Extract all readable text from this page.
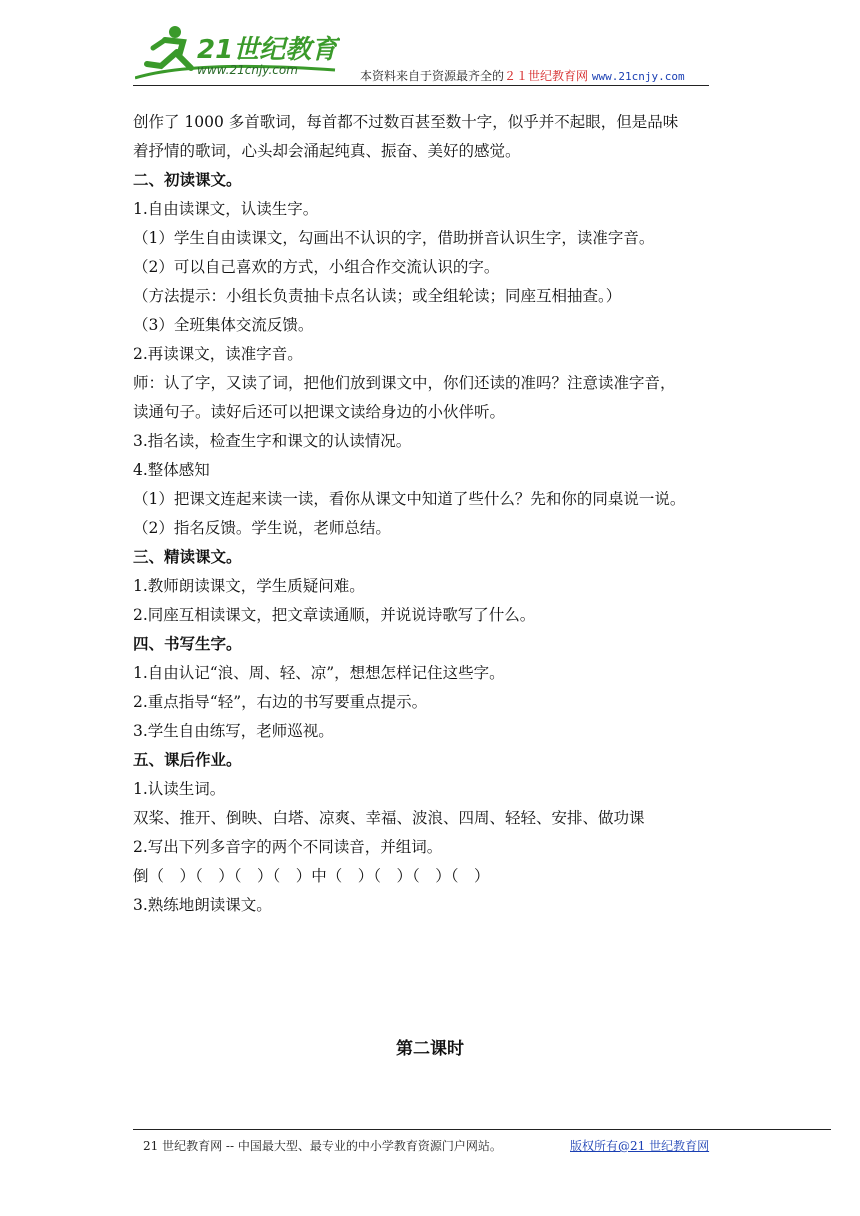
21世纪教育
www.21cnjy.com	本资料来自于资源最齐全的２１世纪教育网 www.21cnjy.com
创作了 1000 多首歌词，每首都不过数百甚至数十字，似乎并不起眼，但是品味
着抒情的歌词，心头却会涌起纯真、振奋、美好的感觉。
二、初读课文。
1.自由读课文，认读生字。
（1）学生自由读课文，勾画出不认识的字，借助拼音认识生字，读准字音。
（2）可以自己喜欢的方式，小组合作交流认识的字。
（方法提示：小组长负责抽卡点名认读；或全组轮读；同座互相抽查。）
（3）全班集体交流反馈。
2.再读课文，读准字音。
师：认了字，又读了词，把他们放到课文中，你们还读的准吗？注意读准字音，
读通句子。读好后还可以把课文读给身边的小伙伴听。
3.指名读，检查生字和课文的认读情况。
4.整体感知
（1）把课文连起来读一读，看你从课文中知道了些什么？先和你的同桌说一说。
（2）指名反馈。学生说，老师总结。
三、精读课文。
1.教师朗读课文，学生质疑问难。
2.同座互相读课文，把文章读通顺，并说说诗歌写了什么。
四、书写生字。
1.自由认记“浪、周、轻、凉”，想想怎样记住这些字。
2.重点指导“轻”，右边的书写要重点提示。
3.学生自由练写，老师巡视。
五、课后作业。
1.认读生词。
双桨、推开、倒映、白塔、凉爽、幸福、波浪、四周、轻轻、安排、做功课
2.写出下列多音字的两个不同读音，并组词。
倒（　）（　）（　）（　）中（　）（　）（　）（　）
3.熟练地朗读课文。
第二课时
21 世纪教育网 -- 中国最大型、最专业的中小学教育资源门户网站。	版权所有@21 世纪教育网
